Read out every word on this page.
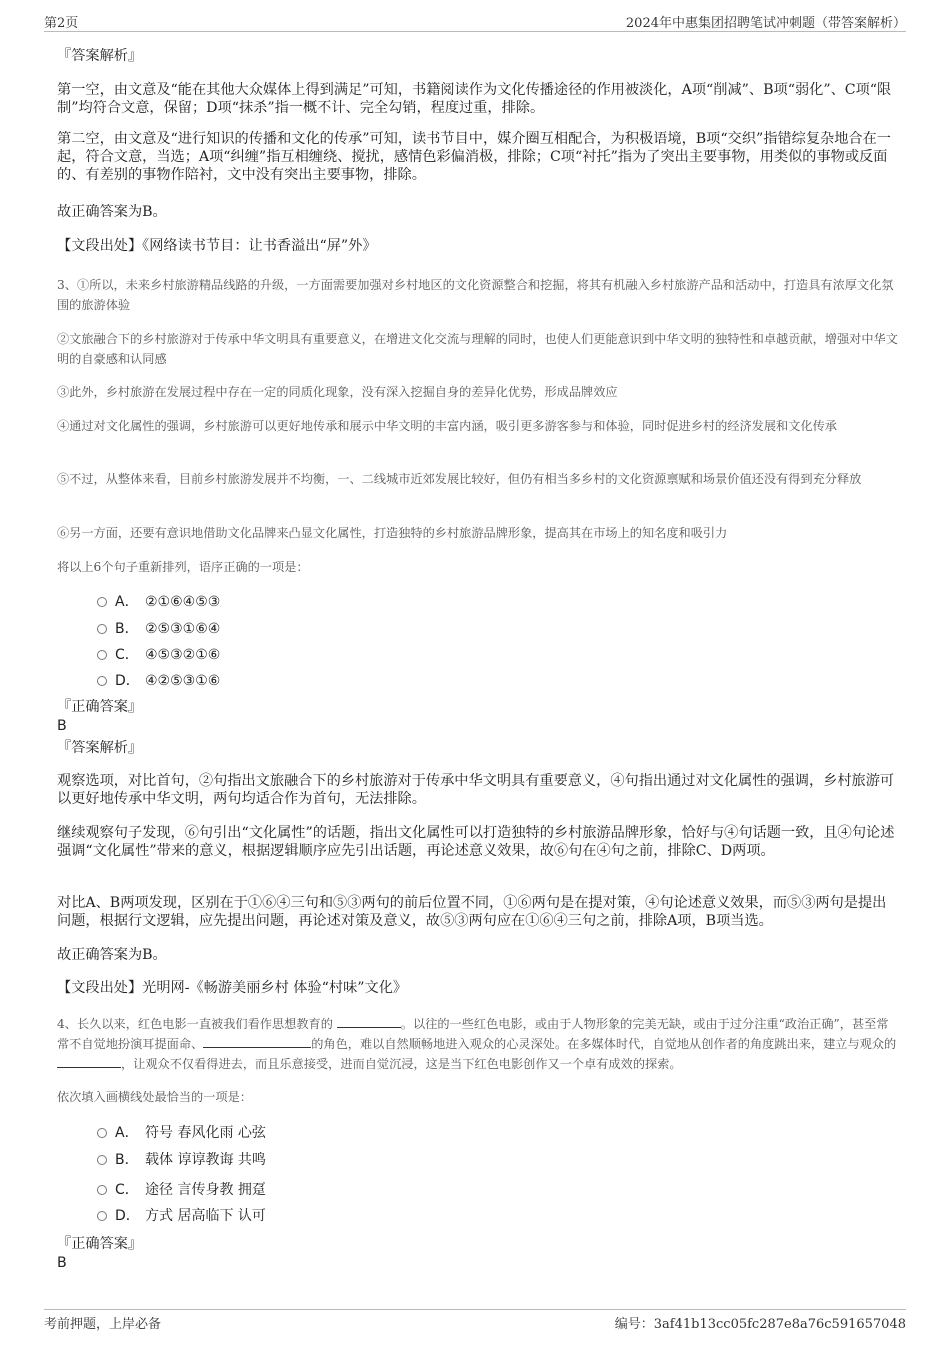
第2页	2024年中惠集团招聘笔试冲刺题（带答案解析）
『答案解析』

第一空，由文意及“能在其他大众媒体上得到满足”可知，书籍阅读作为文化传播途径的作用被淡化，A项“削减”、B项“弱化”、C项“限制”均符合文意，保留；D项“抹杀”指一概不计、完全勾销，程度过重，排除。

第二空，由文意及“进行知识的传播和文化的传承”可知，读书节目中，媒介圈互相配合，为积极语境，B项“交织”指错综复杂地合在一起，符合文意，当选；A项“纠缠”指互相缠绕、搅扰，感情色彩偏消极，排除；C项“衬托”指为了突出主要事物，用类似的事物或反面的、有差别的事物作陪衬，文中没有突出主要事物，排除。

故正确答案为B。

【文段出处】《网络读书节目：让书香溢出“屏”外》

3、①所以，未来乡村旅游精品线路的升级，一方面需要加强对乡村地区的文化资源整合和挖掘，将其有机融入乡村旅游产品和活动中，打造具有浓厚文化氛围的旅游体验

②文旅融合下的乡村旅游对于传承中华文明具有重要意义，在增进文化交流与理解的同时，也使人们更能意识到中华文明的独特性和卓越贡献，增强对中华文明的自豪感和认同感

③此外，乡村旅游在发展过程中存在一定的同质化现象，没有深入挖掘自身的差异化优势，形成品牌效应

④通过对文化属性的强调，乡村旅游可以更好地传承和展示中华文明的丰富内涵，吸引更多游客参与和体验，同时促进乡村的经济发展和文化传承

⑤不过，从整体来看，目前乡村旅游发展并不均衡，一、二线城市近郊发展比较好，但仍有相当多乡村的文化资源禀赋和场景价值还没有得到充分释放

⑥另一方面，还要有意识地借助文化品牌来凸显文化属性，打造独特的乡村旅游品牌形象，提高其在市场上的知名度和吸引力

将以上6个句子重新排列，语序正确的一项是：

A． ②①⑥④⑤③
B． ②⑤③①⑥④
C． ④⑤③②①⑥
D． ④②⑤③①⑥
『正确答案』
B
『答案解析』

观察选项，对比首句，②句指出文旅融合下的乡村旅游对于传承中华文明具有重要意义，④句指出通过对文化属性的强调，乡村旅游可以更好地传承中华文明，两句均适合作为首句，无法排除。

继续观察句子发现，⑥句引出“文化属性”的话题，指出文化属性可以打造独特的乡村旅游品牌形象，恰好与④句话题一致，且④句论述强调“文化属性”带来的意义，根据逻辑顺序应先引出话题，再论述意义效果，故⑥句在④句之前，排除C、D两项。

对比A、B两项发现，区别在于①⑥④三句和⑤③两句的前后位置不同，①⑥两句是在提对策，④句论述意义效果，而⑤③两句是提出问题，根据行文逻辑，应先提出问题，再论述对策及意义，故⑤③两句应在①⑥④三句之前，排除A项，B项当选。

故正确答案为B。

【文段出处】光明网-《畅游美丽乡村 体验“村味”文化》

4、长久以来，红色电影一直被我们看作思想教育的	。以往的一些红色电影，或由于人物形象的完美无缺，或由于过分注重“政治正确”，甚至常常不自觉地扮演耳提面命、	的角色，难以自然顺畅地进入观众的心灵深处。在多媒体时代，自觉地从创作者的角度跳出来，建立与观众的 ，让观众不仅看得进去，而且乐意接受，进而自觉沉浸，这是当下红色电影创作又一个卓有成效的探索。

依次填入画横线处最恰当的一项是：

A． 符号 春风化雨 心弦
B． 载体 谆谆教诲 共鸣
C． 途径 言传身教 拥趸
D． 方式 居高临下 认可
『正确答案』
B
考前押题，上岸必备	编号：3af41b13cc05fc287e8a76c591657048
